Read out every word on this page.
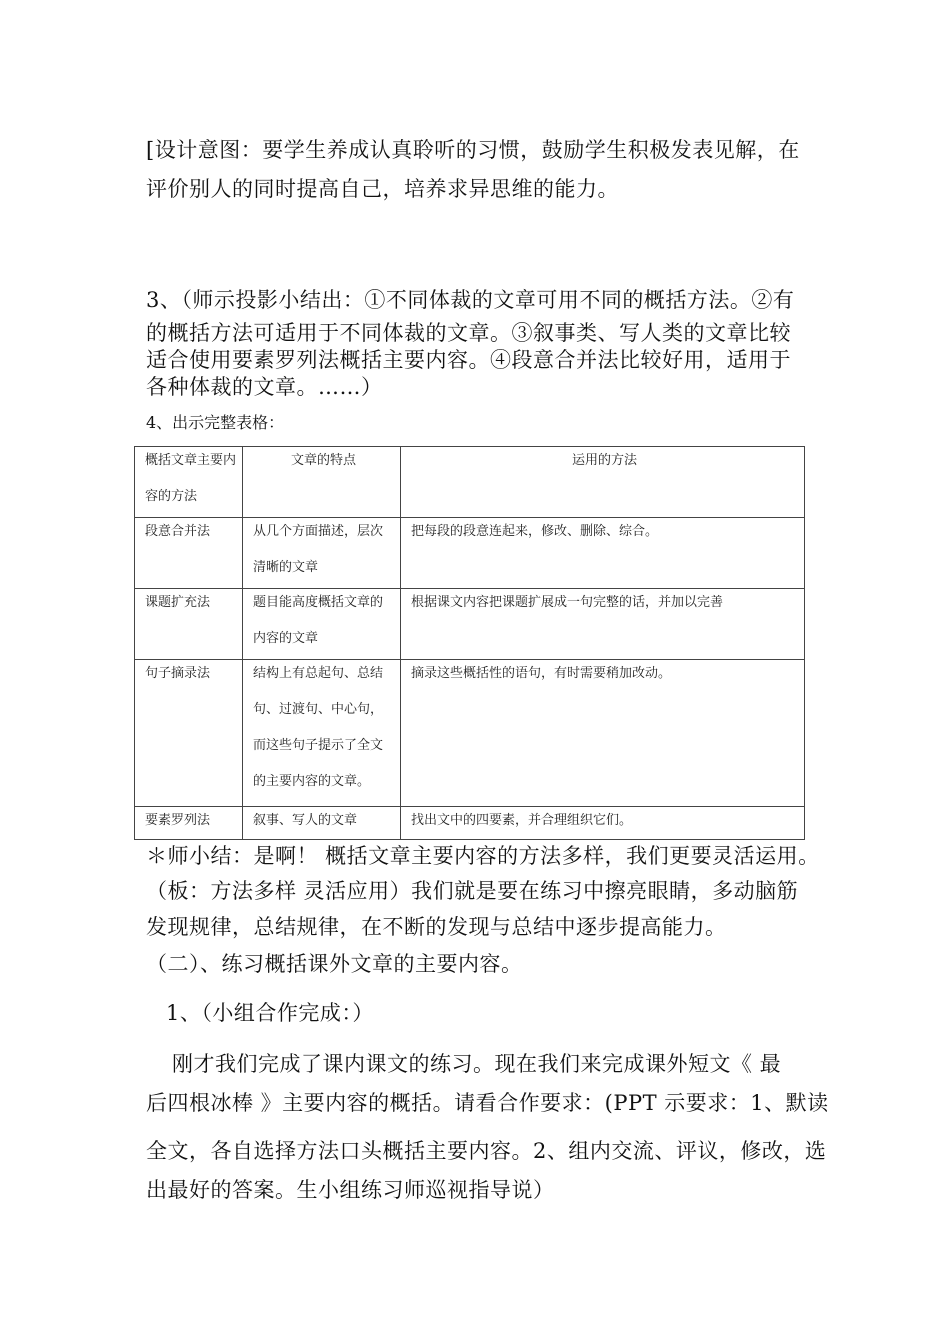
[设计意图：要学生养成认真聆听的习惯，鼓励学生积极发表见解，在
评价别人的同时提高自己，培养求异思维的能力。
3、（师示投影小结出：①不同体裁的文章可用不同的概括方法。②有
的概括方法可适用于不同体裁的文章。③叙事类、写人类的文章比较
适合使用要素罗列法概括主要内容。④段意合并法比较好用，适用于
各种体裁的文章。……）
4、出示完整表格：
概括文章主要内容的方法	文章的特点	运用的方法

段意合并法	从几个方面描述，层次清晰的文章	把每段的段意连起来，修改、删除、综合。

课题扩充法	题目能高度概括文章的内容的文章	根据课文内容把课题扩展成一句完整的话，并加以完善

句子摘录法	结构上有总起句、总结句、过渡句、中心句，而这些句子提示了全文的主要内容的文章。	摘录这些概括性的语句，有时需要稍加改动。

要素罗列法	叙事、写人的文章	找出文中的四要素，并合理组织它们。
＊师小结：是啊！ 概括文章主要内容的方法多样，我们更要灵活运用。
（板：方法多样 灵活应用）我们就是要在练习中擦亮眼睛，多动脑筋
发现规律，总结规律，在不断的发现与总结中逐步提高能力。
（二）、练习概括课外文章的主要内容。
1、（小组合作完成：）
刚才我们完成了课内课文的练习。现在我们来完成课外短文《 最
后四根冰棒 》主要内容的概括。请看合作要求：(PPT 示要求：1、默读
全文，各自选择方法口头概括主要内容。2、组内交流、评议，修改，选
出最好的答案。生小组练习师巡视指导说）
